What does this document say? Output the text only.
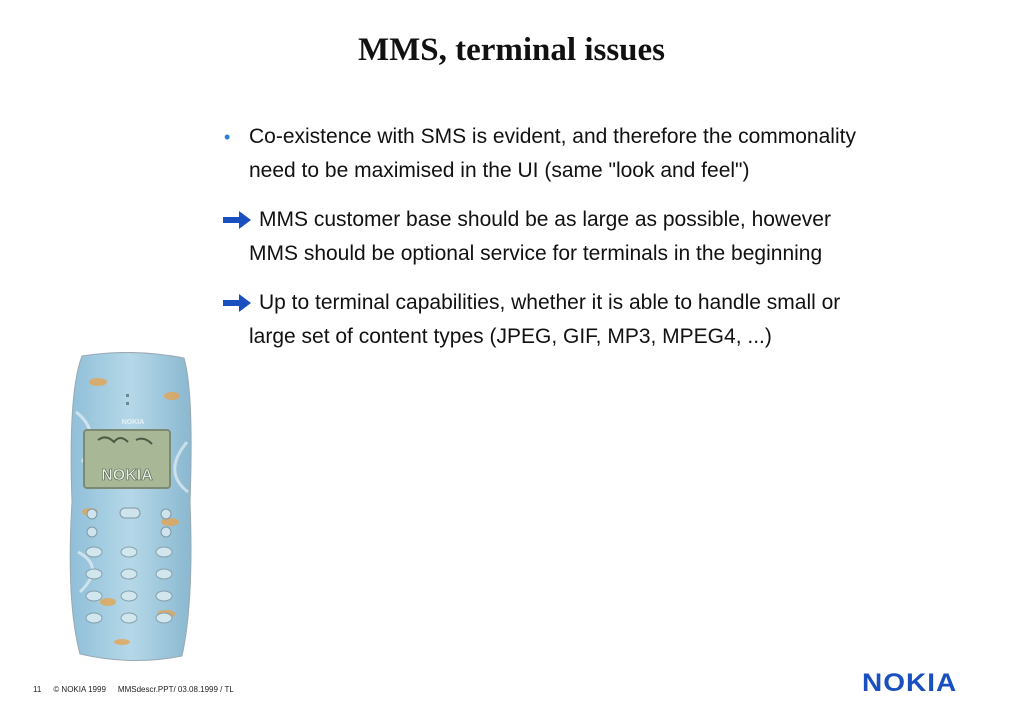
MMS, terminal issues
• Co-existence with SMS is evident, and therefore the commonality need to be maximised in the UI (same "look and feel")
MMS customer base should be as large as possible, however MMS should be optional service for terminals in the beginning
Up to terminal capabilities, whether it is able to handle small or large set of content types (JPEG, GIF, MP3, MPEG4, ...)
NOKIA
NOKIA
11 © NOKIA 1999 MMSdescr.PPT/ 03.08.1999 / TL	NOKIA
